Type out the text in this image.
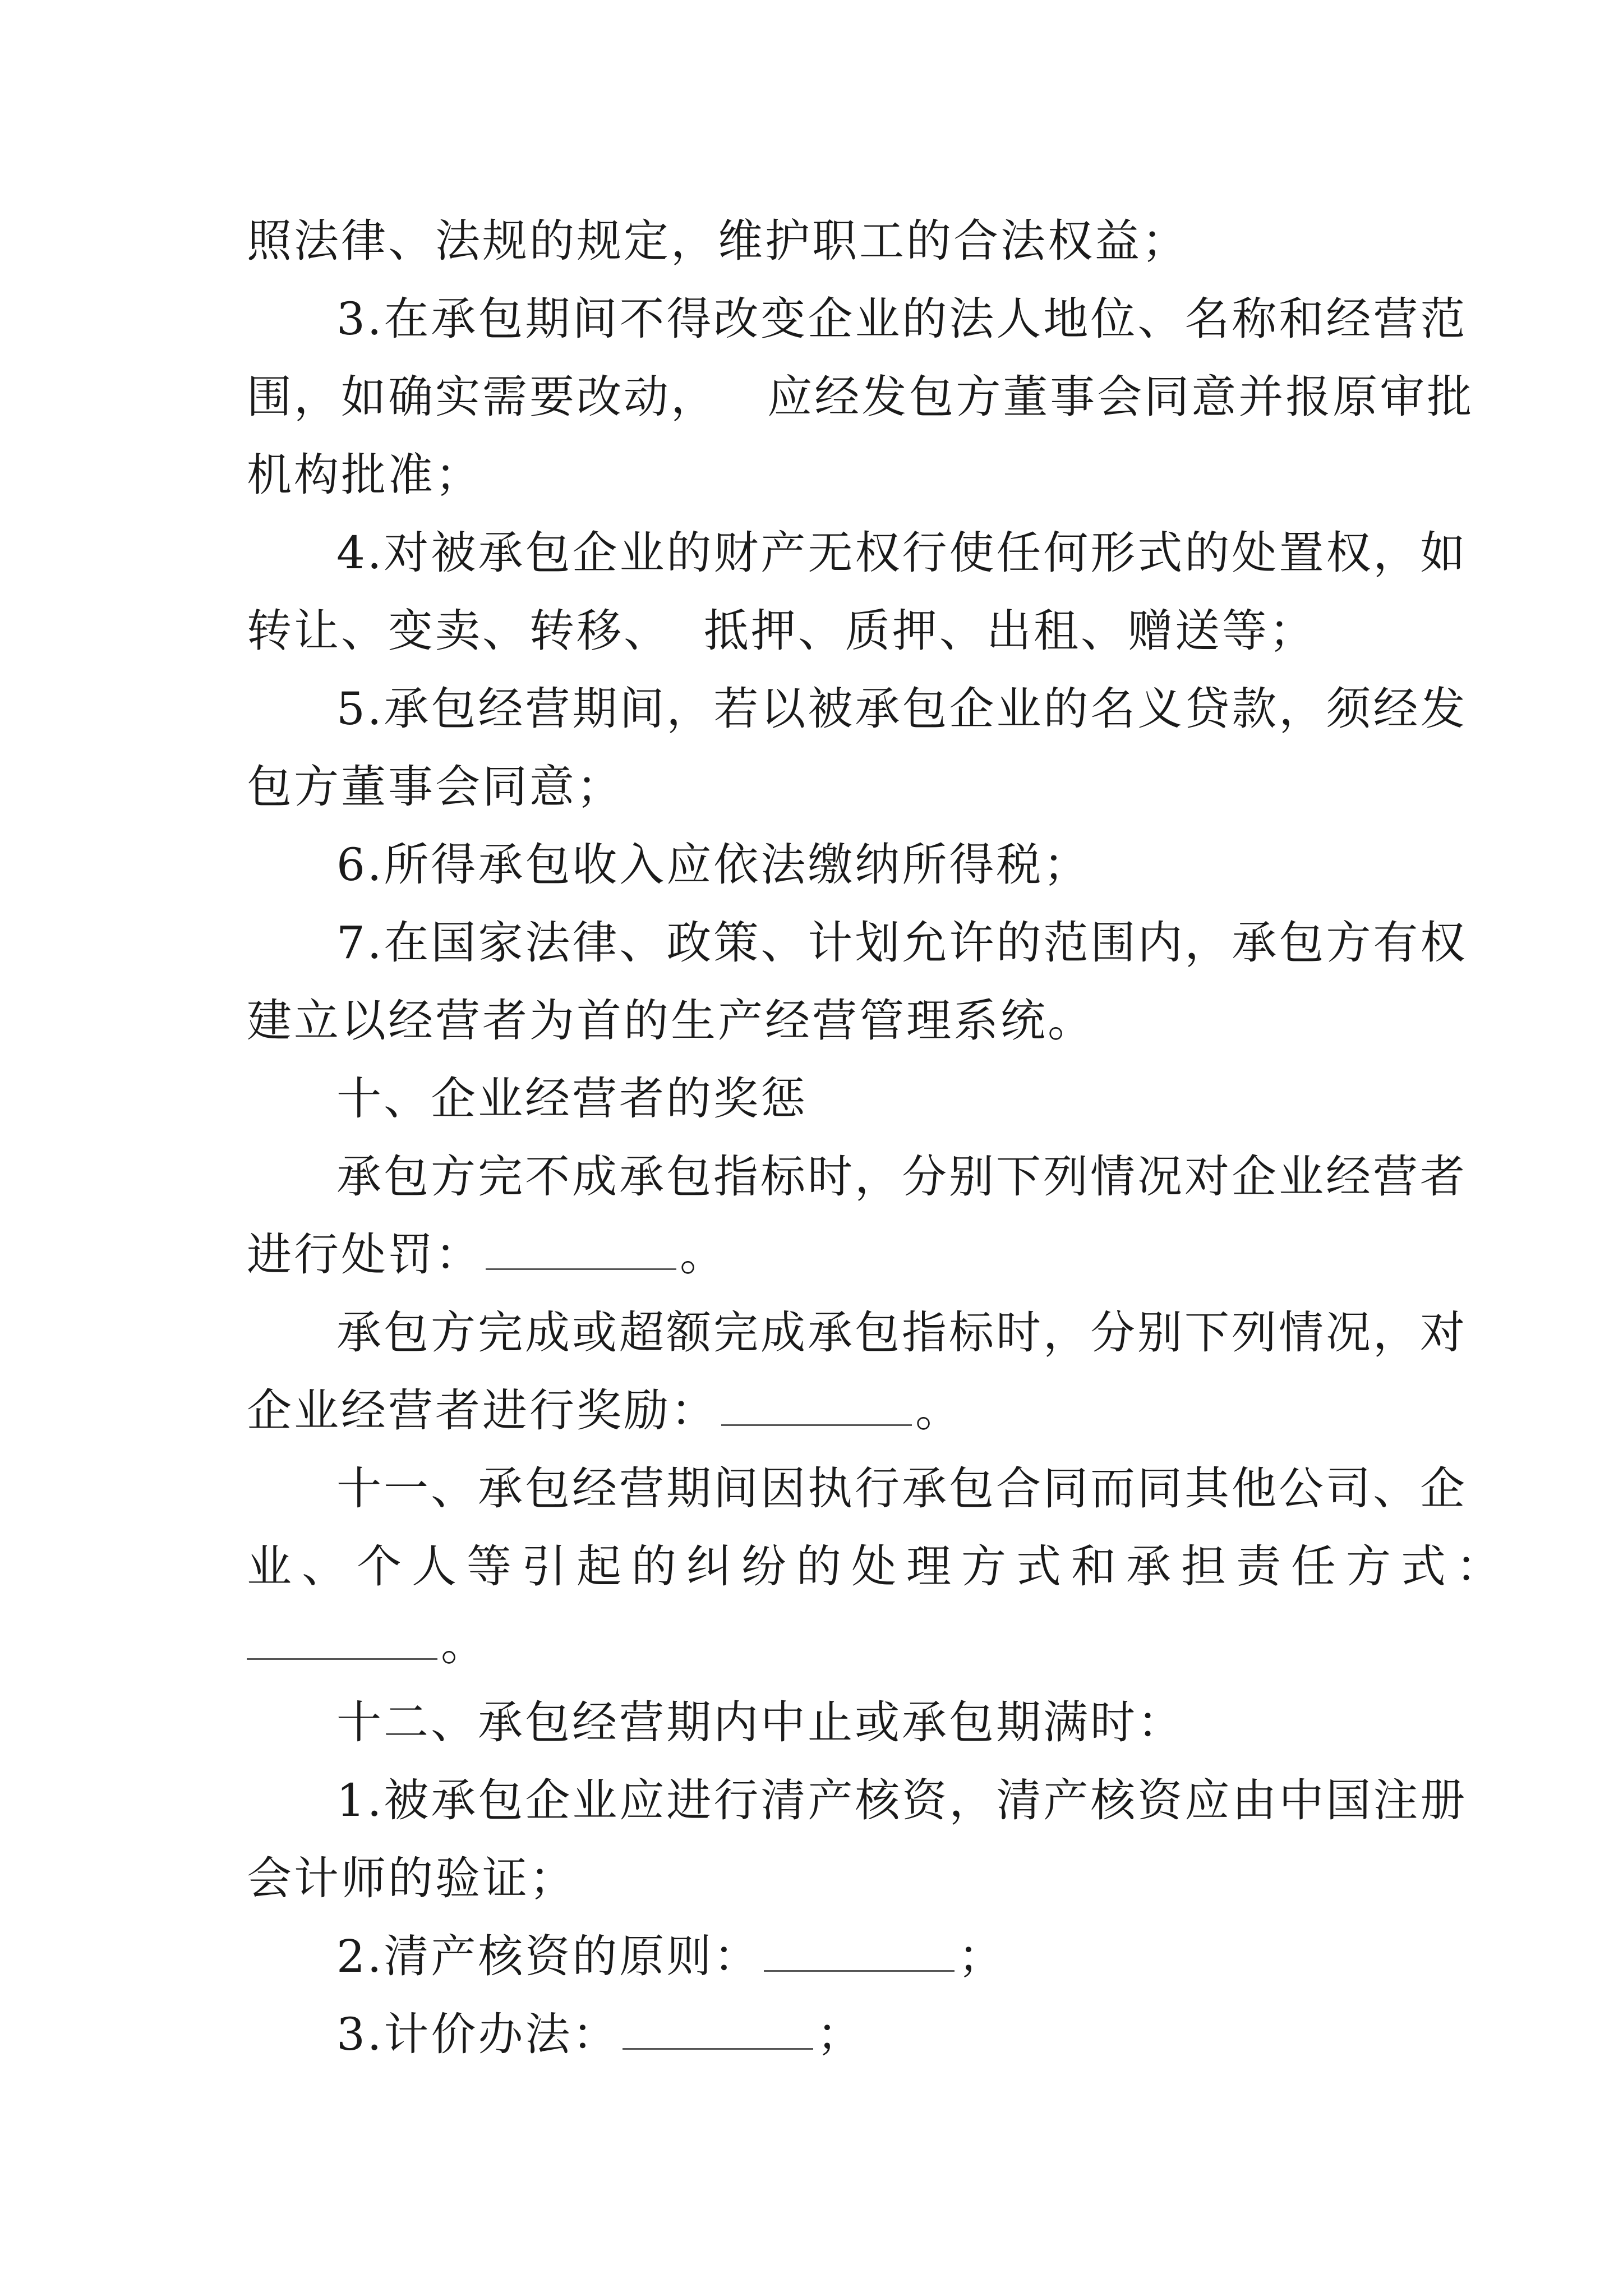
照法律、法规的规定，维护职工的合法权益；
3.在承包期间不得改变企业的法人地位、名称和经营范
围，如确实需要改动，   应经发包方董事会同意并报原审批
机构批准；
4.对被承包企业的财产无权行使任何形式的处置权，如
转让、变卖、转移、  抵押、质押、出租、赠送等；
5.承包经营期间，若以被承包企业的名义贷款，须经发
包方董事会同意；
6.所得承包收入应依法缴纳所得税；
7.在国家法律、政策、计划允许的范围内，承包方有权
建立以经营者为首的生产经营管理系统。
十、企业经营者的奖惩
承包方完不成承包指标时，分别下列情况对企业经营者
进行处罚：	。
承包方完成或超额完成承包指标时，分别下列情况，对
企业经营者进行奖励：	。
十一、承包经营期间因执行承包合同而同其他公司、企
业、个人等引起的纠纷的处理方式和承担责任方式：
。
十二、承包经营期内中止或承包期满时：
1.被承包企业应进行清产核资，清产核资应由中国注册
会计师的验证；
2.清产核资的原则：	；
3.计价办法：	；
